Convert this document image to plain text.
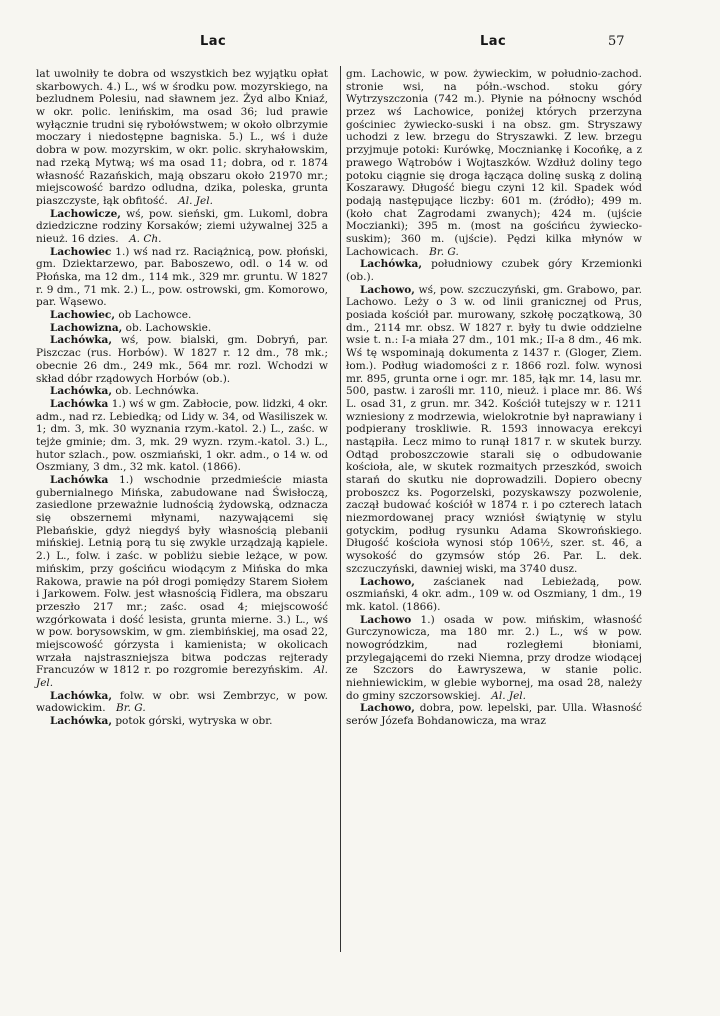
Lac	Lac	57

lat uwolniły te dobra od wszystkich bez wyjątku opłat skarbowych. 4.) L., wś w środku pow. mozyrskiego, na bezludnem Polesiu, nad sławnem jez. Żyd albo Kniaź, w okr. polic. lenińskim, ma osad 36; lud prawie wyłącznie trudni się rybołówstwem; w około olbrzymie moczary i niedostępne bagniska. 5.) L., wś i duże dobra w pow. mozyrskim, w okr. polic. skryhałowskim, nad rzeką Mytwą; wś ma osad 11; dobra, od r. 1874 własność Razańskich, mają obszaru około 21970 mr.; miejscowość bardzo odludna, dzika, poleska, grunta piaszczyste, łąk obfitość.  Al. Jel.

Lachowicze, wś, pow. sieński, gm. Lukoml, dobra dziedziczne rodziny Korsaków; ziemi używalnej 325 a nieuż. 16 dzies.  A. Ch.

Lachowiec 1.) wś nad rz. Raciążnicą, pow. płoński, gm. Dziektarzewo, par. Baboszewo, odl. o 14 w. od Płońska, ma 12 dm., 114 mk., 329 mr. gruntu. W 1827 r. 9 dm., 71 mk. 2.) L., pow. ostrowski, gm. Komorowo, par. Wąsewo.

Lachowiec, ob Lachowce.

Lachowizna, ob. Lachowskie.

Lachówka, wś, pow. bialski, gm. Dobryń, par. Piszczac (rus. Horbów). W 1827 r. 12 dm., 78 mk.; obecnie 26 dm., 249 mk., 564 mr. rozl. Wchodzi w skład dóbr rządowych Horbów (ob.).

Lachówka, ob. Lechnówka.

Lachówka 1.) wś w gm. Zabłocie, pow. lidzki, 4 okr. adm., nad rz. Lebiedką; od Lidy w. 34, od Wasiliszek w. 1; dm. 3, mk. 30 wyznania rzym.-katol. 2.) L., zaśc. w tejże gminie; dm. 3, mk. 29 wyzn. rzym.-katol. 3.) L., hutor szlach., pow. oszmiański, 1 okr. adm., o 14 w. od Oszmiany, 3 dm., 32 mk. katol. (1866).

Lachówka 1.) wschodnie przedmieście miasta gubernialnego Mińska, zabudowane nad Świsłoczą, zasiedlone przeważnie ludnością żydowską, odznacza się obszernemi młynami, nazywającemi się Plebańskie, gdyż niegdyś były własnością plebanii mińskiej. Letnią porą tu się zwykle urządzają kąpiele. 2.) L., folw. i zaśc. w pobliżu siebie leżące, w pow. mińskim, przy gościńcu wiodącym z Mińska do mka Rakowa, prawie na pół drogi pomiędzy Starem Siołem i Jarkowem. Folw. jest własnością Fidlera, ma obszaru przeszło 217 mr.; zaśc. osad 4; miejscowość wzgórkowata i dość lesista, grunta mierne. 3.) L., wś w pow. borysowskim, w gm. ziembińskiej, ma osad 22, miejscowość górzysta i kamienista; w okolicach wrzała najstraszniejsza bitwa podczas rejterady Francuzów w 1812 r. po rozgromie berezyńskim.  Al. Jel.

Lachówka, folw. w obr. wsi Zembrzyc, w pow. wadowickim.  Br. G.

Lachówka, potok górski, wytryska w obr.

gm. Lachowic, w pow. żywieckim, w południo-zachod. stronie wsi, na półn.-wschod. stoku góry Wytrzyszczonia (742 m.). Płynie na północny wschód przez wś Lachowice, poniżej których przerzyna gościniec żywiecko-suski i na obsz. gm. Stryszawy uchodzi z lew. brzegu do Stryszawki. Z lew. brzegu przyjmuje potoki: Kurówkę, Moczniankę i Kocońkę, a z prawego Wątrobów i Wojtaszków. Wzdłuż doliny tego potoku ciągnie się droga łącząca dolinę suską z doliną Koszarawy. Długość biegu czyni 12 kil. Spadek wód podają następujące liczby: 601 m. (źródło); 499 m. (koło chat Zagrodami zwanych); 424 m. (ujście Moczianki); 395 m. (most na gościńcu żywiecko-suskim); 360 m. (ujście). Pędzi kilka młynów w Lachowicach.  Br. G.

Lachówka, południowy czubek góry Krzemionki (ob.).

Lachowo, wś, pow. szczuczyński, gm. Grabowo, par. Lachowo. Leży o 3 w. od linii granicznej od Prus, posiada kościół par. murowany, szkołę początkową, 30 dm., 2114 mr. obsz. W 1827 r. były tu dwie oddzielne wsie t. n.: I-a miała 27 dm., 101 mk.; II-a 8 dm., 46 mk. Wś tę wspominają dokumenta z 1437 r. (Gloger, Ziem. łom.). Podług wiadomości z r. 1866 rozl. folw. wynosi mr. 895, grunta orne i ogr. mr. 185, łąk mr. 14, lasu mr. 500, pastw. i zarośli mr. 110, nieuż. i place mr. 86. Wś L. osad 31, z grun. mr. 342. Kościół tutejszy w r. 1211 wzniesiony z modrzewia, wielokrotnie był naprawiany i podpierany troskliwie. R. 1593 innowacya erekcyi nastąpiła. Lecz mimo to runął 1817 r. w skutek burzy. Odtąd proboszczowie starali się o odbudowanie kościoła, ale, w skutek rozmaitych przeszkód, swoich starań do skutku nie doprowadzili. Dopiero obecny proboszcz ks. Pogorzelski, pozyskawszy pozwolenie, zaczął budować kościół w 1874 r. i po czterech latach niezmordowanej pracy wzniósł świątynię w stylu gotyckim, podług rysunku Adama Skowrońskiego. Długość kościoła wynosi stóp 106½, szer. st. 46, a wysokość do gzymsów stóp 26. Par. L. dek. szczuczyński, dawniej wiski, ma 3740 dusz.

Lachowo, zaścianek nad Lebieżadą, pow. oszmiański, 4 okr. adm., 109 w. od Oszmiany, 1 dm., 19 mk. katol. (1866).

Lachowo 1.) osada w pow. mińskim, własność Gurczynowicza, ma 180 mr. 2.) L., wś w pow. nowogródzkim, nad rozległemi błoniami, przylegającemi do rzeki Niemna, przy drodze wiodącej ze Szczors do Ławryszewa, w stanie polic. niehniewickim, w glebie wybornej, ma osad 28, należy do gminy szczorsowskiej.  Al. Jel.

Lachowo, dobra, pow. lepelski, par. Ulla. Własność serów Józefa Bohdanowicza, ma wraz
